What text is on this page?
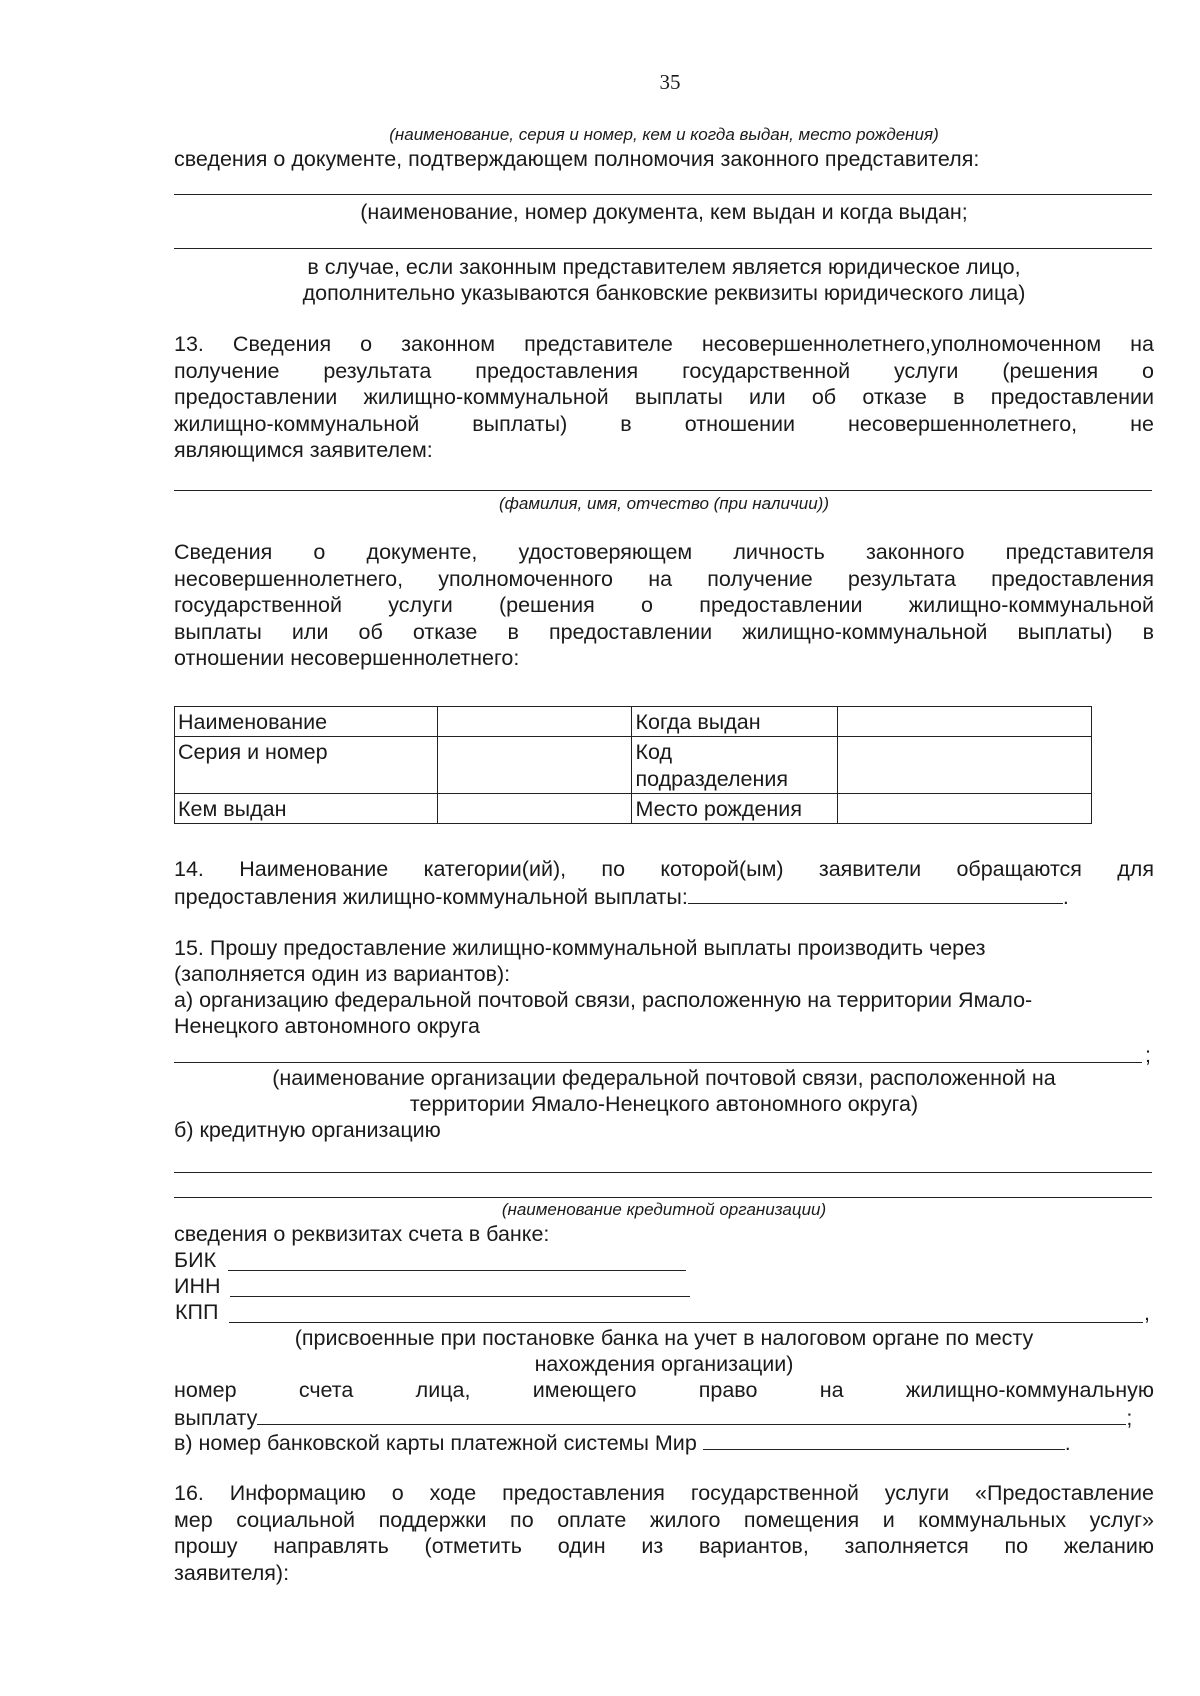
35
(наименование, серия и номер, кем и когда выдан, место рождения)
сведения о документе, подтверждающем полномочия законного представителя:
(наименование, номер документа, кем выдан и когда выдан;
в случае, если законным представителем является юридическое лицо,
дополнительно указываются банковские реквизиты юридического лица)
13. Сведения о законном представителе несовершеннолетнего,уполномоченном на
получение результата предоставления государственной услуги (решения о
предоставлении жилищно-коммунальной выплаты или об отказе в предоставлении
жилищно-коммунальной выплаты) в отношении несовершеннолетнего, не
являющимся заявителем:
(фамилия, имя, отчество (при наличии))
Сведения о документе, удостоверяющем личность законного представителя
несовершеннолетнего, уполномоченного на получение результата предоставления
государственной услуги (решения о предоставлении жилищно-коммунальной
выплаты или об отказе в предоставлении жилищно-коммунальной выплаты) в
отношении несовершеннолетнего:
Наименование		Когда выдан	
Серия и номер		Код
подразделения	
Кем выдан		Место рождения	
14. Наименование категории(ий), по которой(ым) заявители обращаются для
предоставления жилищно-коммунальной выплаты:	.
15. Прошу предоставление жилищно-коммунальной выплаты производить через
(заполняется один из вариантов):
а) организацию федеральной почтовой связи, расположенную на территории Ямало-
Ненецкого автономного округа
;
(наименование организации федеральной почтовой связи, расположенной на
территории Ямало-Ненецкого автономного округа)
б) кредитную организацию
(наименование кредитной организации)
сведения о реквизитах счета в банке:
БИК
ИНН
КПП	,
(присвоенные при постановке банка на учет в налоговом органе по месту
нахождения организации)
номер счета лица, имеющего право на жилищно-коммунальную
выплату	;
в) номер банковской карты платежной системы Мир	.
16. Информацию о ходе предоставления государственной услуги «Предоставление
мер социальной поддержки по оплате жилого помещения и коммунальных услуг»
прошу направлять (отметить один из вариантов, заполняется по желанию
заявителя):
